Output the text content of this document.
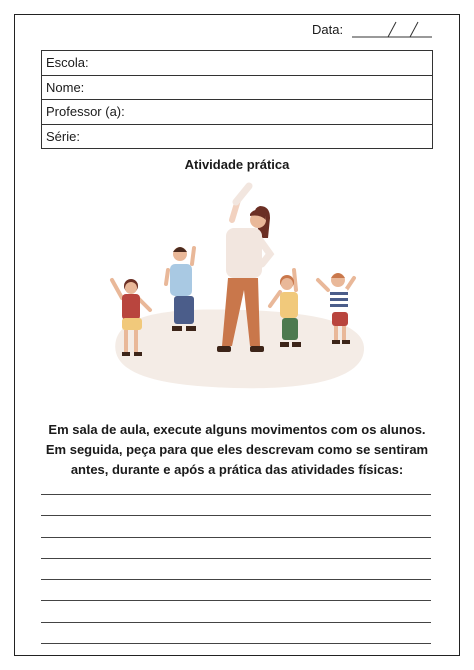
Data:
Escola:
Nome:
Professor (a):
Série:
Atividade prática
Em sala de aula, execute alguns movimentos com os alunos.
Em seguida, peça para que eles descrevam como se sentiram
antes, durante e após a prática das atividades físicas:
